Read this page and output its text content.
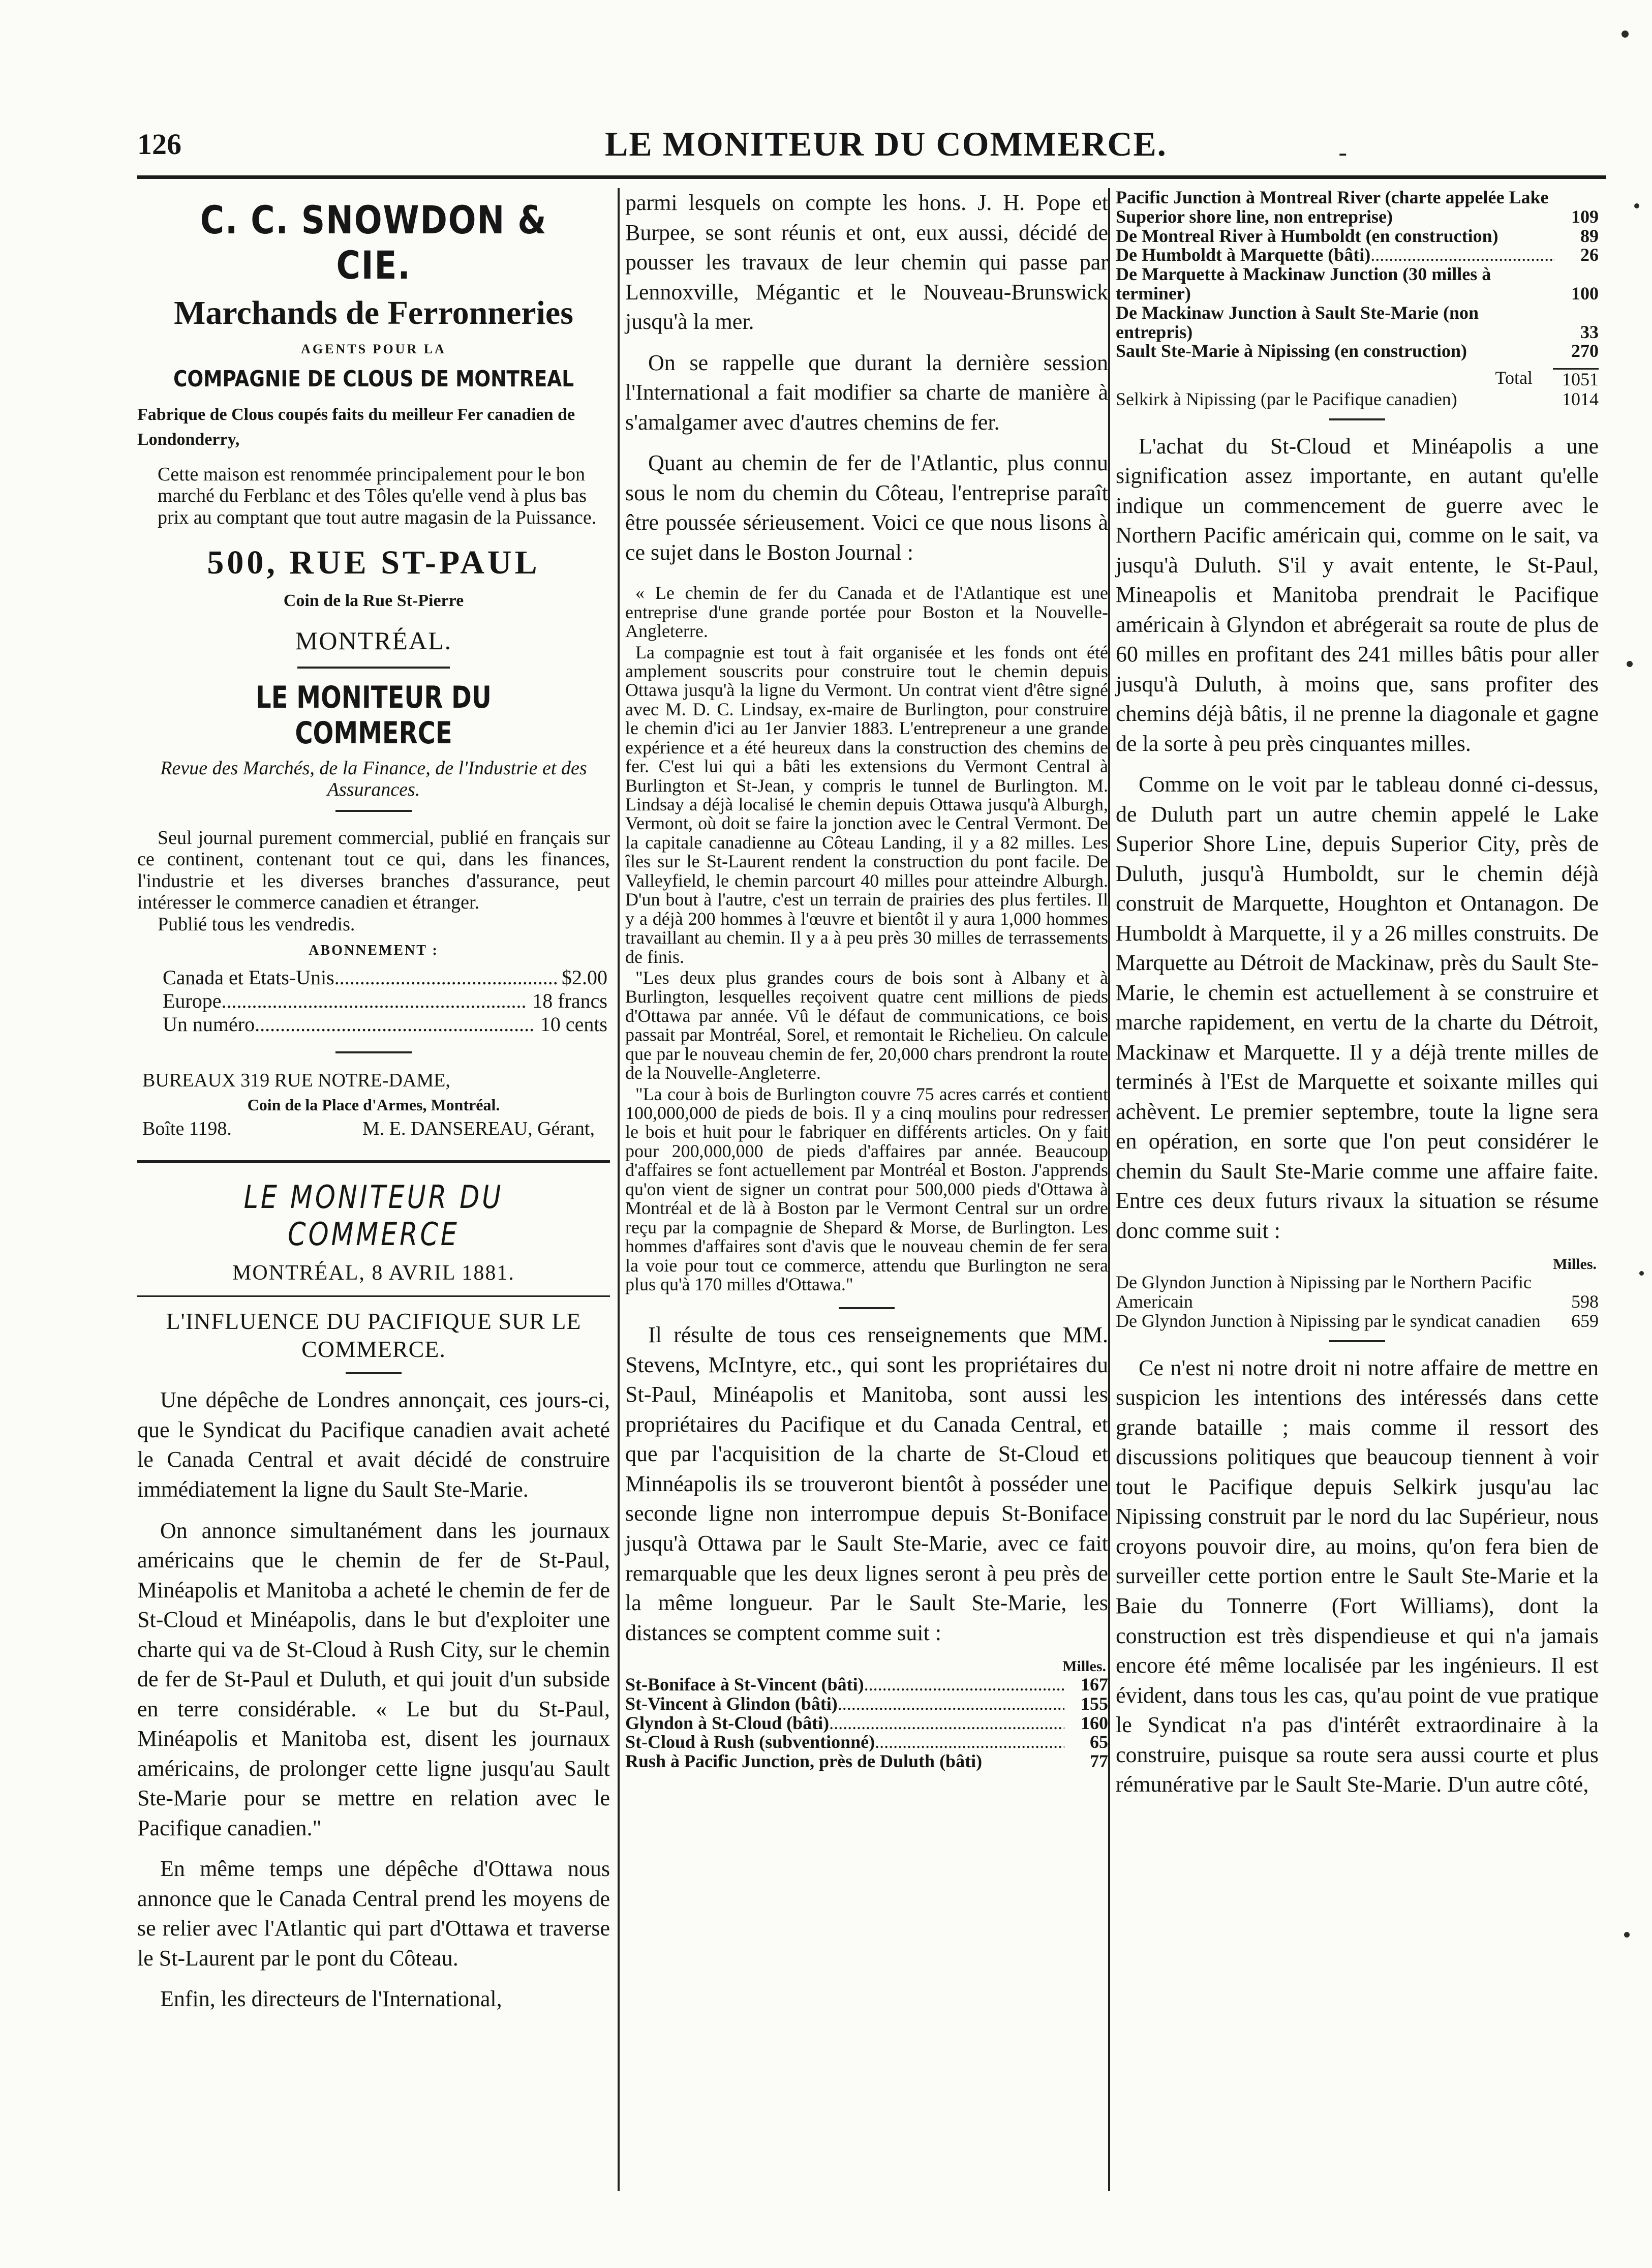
126	LE MONITEUR DU COMMERCE.	-
C. C. SNOWDON & CIE.
Marchands de Ferronneries
AGENTS POUR LA
COMPAGNIE DE CLOUS DE MONTREAL

Fabrique de Clous coupés faits du meilleur Fer canadien de Londonderry,

Cette maison est renommée principalement pour le bon marché du Ferblanc et des Tôles qu'elle vend à plus bas prix au comptant que tout autre magasin de la Puissance.

500, RUE ST-PAUL
Coin de la Rue St-Pierre
MONTRÉAL.
LE MONITEUR DU COMMERCE
Revue des Marchés, de la Finance, de l'Industrie et des Assurances.

Seul journal purement commercial, publié en français sur ce continent, contenant tout ce qui, dans les finances, l'industrie et les diverses branches d'assurance, peut intéresser le commerce canadien et étranger.

Publié tous les vendredis.

ABONNEMENT :
Canada et Etats-Unis .....	$2.00
Europe .....	18 francs
Un numéro .....	10 cents
BUREAUX 319 RUE NOTRE-DAME,
Coin de la Place d'Armes, Montréal.
Boîte 1198.	M. E. DANSEREAU, Gérant,
LE MONITEUR DU COMMERCE
MONTRÉAL, 8 AVRIL 1881.
L'INFLUENCE DU PACIFIQUE SUR LE COMMERCE.

Une dépêche de Londres annonçait, ces jours-ci, que le Syndicat du Pacifique canadien avait acheté le Canada Central et avait décidé de construire immédiatement la ligne du Sault Ste-Marie.

On annonce simultanément dans les journaux américains que le chemin de fer de St-Paul, Minéapolis et Manitoba a acheté le chemin de fer de St-Cloud et Minéapolis, dans le but d'exploiter une charte qui va de St-Cloud à Rush City, sur le chemin de fer de St-Paul et Duluth, et qui jouit d'un subside en terre considérable. « Le but du St-Paul, Minéapolis et Manitoba est, disent les journaux américains, de prolonger cette ligne jusqu'au Sault Ste-Marie pour se mettre en relation avec le Pacifique canadien."

En même temps une dépêche d'Ottawa nous annonce que le Canada Central prend les moyens de se relier avec l'Atlantic qui part d'Ottawa et traverse le St-Laurent par le pont du Côteau.

Enfin, les directeurs de l'International,

parmi lesquels on compte les hons. J. H. Pope et Burpee, se sont réunis et ont, eux aussi, décidé de pousser les travaux de leur chemin qui passe par Lennoxville, Mégantic et le Nouveau-Brunswick jusqu'à la mer.

On se rappelle que durant la dernière session l'International a fait modifier sa charte de manière à s'amalgamer avec d'autres chemins de fer.

Quant au chemin de fer de l'Atlantic, plus connu sous le nom du chemin du Côteau, l'entreprise paraît être poussée sérieusement. Voici ce que nous lisons à ce sujet dans le Boston Journal :

« Le chemin de fer du Canada et de l'Atlantique est une entreprise d'une grande portée pour Boston et la Nouvelle-Angleterre.

La compagnie est tout à fait organisée et les fonds ont été amplement souscrits pour construire tout le chemin depuis Ottawa jusqu'à la ligne du Vermont. Un contrat vient d'être signé avec M. D. C. Lindsay, ex-maire de Burlington, pour construire le chemin d'ici au 1er Janvier 1883. L'entrepreneur a une grande expérience et a été heureux dans la construction des chemins de fer. C'est lui qui a bâti les extensions du Vermont Central à Burlington et St-Jean, y compris le tunnel de Burlington. M. Lindsay a déjà localisé le chemin depuis Ottawa jusqu'à Alburgh, Vermont, où doit se faire la jonction avec le Central Vermont. De la capitale canadienne au Côteau Landing, il y a 82 milles. Les îles sur le St-Laurent rendent la construction du pont facile. De Valleyfield, le chemin parcourt 40 milles pour atteindre Alburgh. D'un bout à l'autre, c'est un terrain de prairies des plus fertiles. Il y a déjà 200 hommes à l'œuvre et bientôt il y aura 1,000 hommes travaillant au chemin. Il y a à peu près 30 milles de terrassements de finis.

"Les deux plus grandes cours de bois sont à Albany et à Burlington, lesquelles reçoivent quatre cent millions de pieds d'Ottawa par année. Vû le défaut de communications, ce bois passait par Montréal, Sorel, et remontait le Richelieu. On calcule que par le nouveau chemin de fer, 20,000 chars prendront la route de la Nouvelle-Angleterre.

"La cour à bois de Burlington couvre 75 acres carrés et contient 100,000,000 de pieds de bois. Il y a cinq moulins pour redresser le bois et huit pour le fabriquer en différents articles. On y fait pour 200,000,000 de pieds d'affaires par année. Beaucoup d'affaires se font actuellement par Montréal et Boston. J'apprends qu'on vient de signer un contrat pour 500,000 pieds d'Ottawa à Montréal et de là à Boston par le Vermont Central sur un ordre reçu par la compagnie de Shepard & Morse, de Burlington. Les hommes d'affaires sont d'avis que le nouveau chemin de fer sera la voie pour tout ce commerce, attendu que Burlington ne sera plus qu'à 170 milles d'Ottawa."

Il résulte de tous ces renseignements que MM. Stevens, McIntyre, etc., qui sont les propriétaires du St-Paul, Minéapolis et Manitoba, sont aussi les propriétaires du Pacifique et du Canada Central, et que par l'acquisition de la charte de St-Cloud et Minnéapolis ils se trouveront bientôt à posséder une seconde ligne non interrompue depuis St-Boniface jusqu'à Ottawa par le Sault Ste-Marie, avec ce fait remarquable que les deux lignes seront à peu près de la même longueur. Par le Sault Ste-Marie, les distances se comptent comme suit :

Milles.
St-Boniface à St-Vincent (bâti) .....	167
St-Vincent à Glindon (bâti) .....	155
Glyndon à St-Cloud (bâti) .....	160
St-Cloud à Rush (subventionné) .....	65
Rush à Pacific Junction, près de Duluth (bâti)	77
Pacific Junction à Montreal River (charte appelée Lake Superior shore line, non entreprise)	109
De Montreal River à Humboldt (en construction)	89
De Humboldt à Marquette (bâti) .....	26
De Marquette à Mackinaw Junction (30 milles à terminer)	100
De Mackinaw Junction à Sault Ste-Marie (non entrepris)	33
Sault Ste-Marie à Nipissing (en construction)	270
Total	1051
Selkirk à Nipissing (par le Pacifique canadien)	1014

L'achat du St-Cloud et Minéapolis a une signification assez importante, en autant qu'elle indique un commencement de guerre avec le Northern Pacific américain qui, comme on le sait, va jusqu'à Duluth. S'il y avait entente, le St-Paul, Mineapolis et Manitoba prendrait le Pacifique américain à Glyndon et abrégerait sa route de plus de 60 milles en profitant des 241 milles bâtis pour aller jusqu'à Duluth, à moins que, sans profiter des chemins déjà bâtis, il ne prenne la diagonale et gagne de la sorte à peu près cinquantes milles.

Comme on le voit par le tableau donné ci-dessus, de Duluth part un autre chemin appelé le Lake Superior Shore Line, depuis Superior City, près de Duluth, jusqu'à Humboldt, sur le chemin déjà construit de Marquette, Houghton et Ontanagon. De Humboldt à Marquette, il y a 26 milles construits. De Marquette au Détroit de Mackinaw, près du Sault Ste-Marie, le chemin est actuellement à se construire et marche rapidement, en vertu de la charte du Détroit, Mackinaw et Marquette. Il y a déjà trente milles de terminés à l'Est de Marquette et soixante milles qui achèvent. Le premier septembre, toute la ligne sera en opération, en sorte que l'on peut considérer le chemin du Sault Ste-Marie comme une affaire faite. Entre ces deux futurs rivaux la situation se résume donc comme suit :

Milles.
De Glyndon Junction à Nipissing par le Northern Pacific Americain	598
De Glyndon Junction à Nipissing par le syndicat canadien	659

Ce n'est ni notre droit ni notre affaire de mettre en suspicion les intentions des intéressés dans cette grande bataille ; mais comme il ressort des discussions politiques que beaucoup tiennent à voir tout le Pacifique depuis Selkirk jusqu'au lac Nipissing construit par le nord du lac Supérieur, nous croyons pouvoir dire, au moins, qu'on fera bien de surveiller cette portion entre le Sault Ste-Marie et la Baie du Tonnerre (Fort Williams), dont la construction est très dispendieuse et qui n'a jamais encore été même localisée par les ingénieurs. Il est évident, dans tous les cas, qu'au point de vue pratique le Syndicat n'a pas d'intérêt extraordinaire à la construire, puisque sa route sera aussi courte et plus rémunérative par le Sault Ste-Marie. D'un autre côté,
